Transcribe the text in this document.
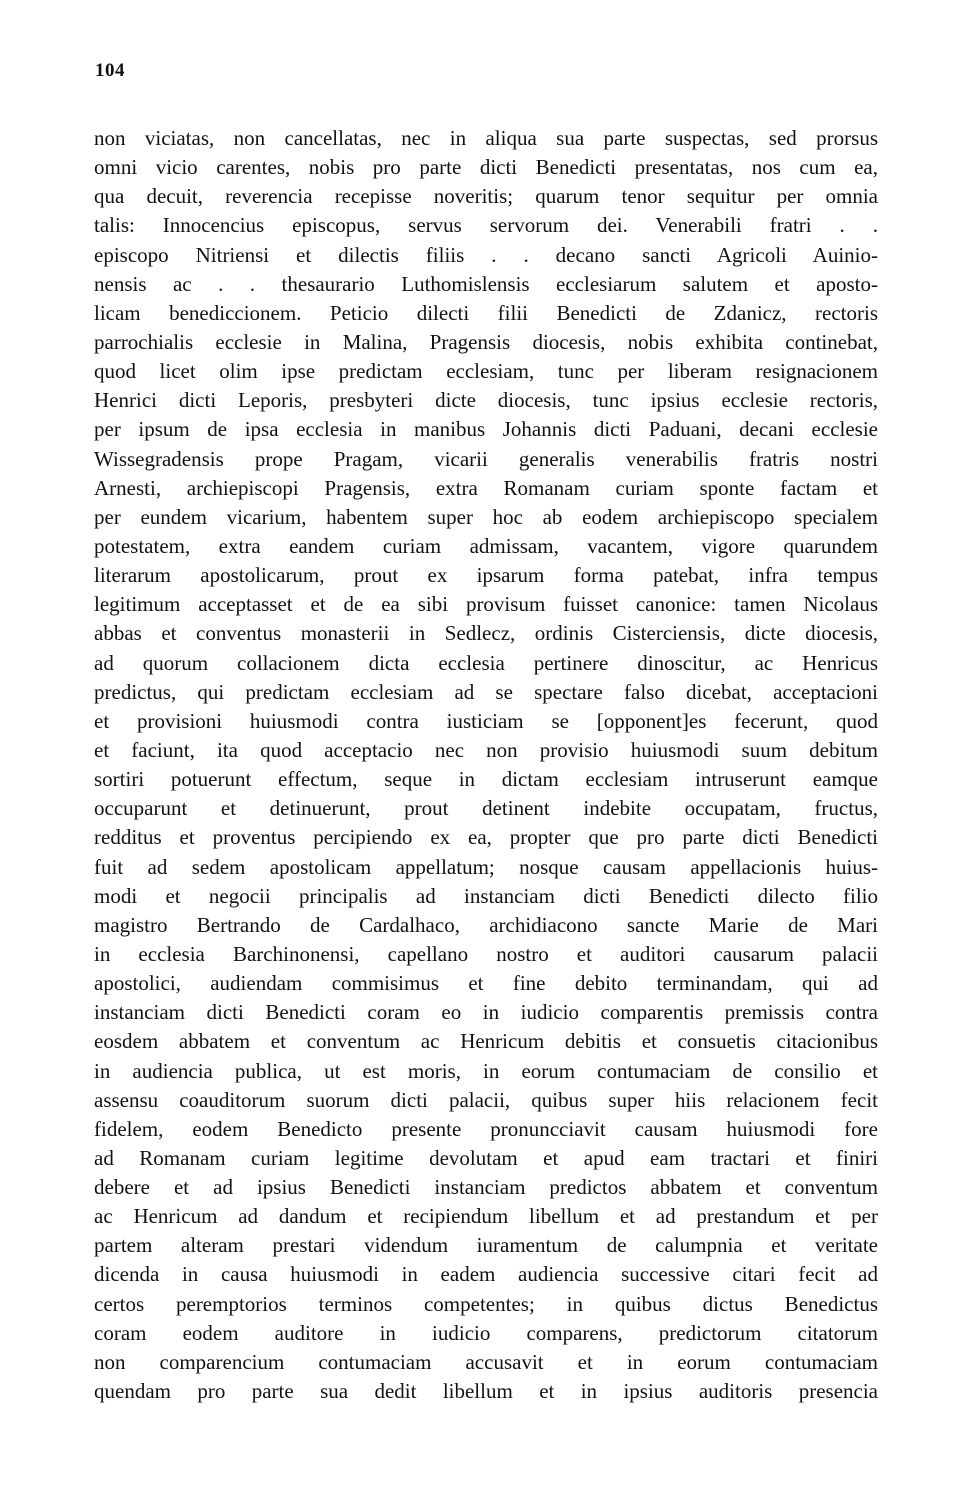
104
non viciatas, non cancellatas, nec in aliqua sua parte suspectas, sed prorsus
omni vicio carentes, nobis pro parte dicti Benedicti presentatas, nos cum ea,
qua decuit, reverencia recepisse noveritis; quarum tenor sequitur per omnia
talis: Innocencius episcopus, servus servorum dei. Venerabili fratri . .
episcopo Nitriensi et dilectis filiis . . decano sancti Agricoli Auinio-
nensis ac . . thesaurario Luthomislensis ecclesiarum salutem et aposto-
licam benediccionem. Peticio dilecti filii Benedicti de Zdanicz, rectoris
parrochialis ecclesie in Malina, Pragensis diocesis, nobis exhibita continebat,
quod licet olim ipse predictam ecclesiam, tunc per liberam resignacionem
Henrici dicti Leporis, presbyteri dicte diocesis, tunc ipsius ecclesie rectoris,
per ipsum de ipsa ecclesia in manibus Johannis dicti Paduani, decani ecclesie
Wissegradensis prope Pragam, vicarii generalis venerabilis fratris nostri
Arnesti, archiepiscopi Pragensis, extra Romanam curiam sponte factam et
per eundem vicarium, habentem super hoc ab eodem archiepiscopo specialem
potestatem, extra eandem curiam admissam, vacantem, vigore quarundem
literarum apostolicarum, prout ex ipsarum forma patebat, infra tempus
legitimum acceptasset et de ea sibi provisum fuisset canonice: tamen Nicolaus
abbas et conventus monasterii in Sedlecz, ordinis Cisterciensis, dicte diocesis,
ad quorum collacionem dicta ecclesia pertinere dinoscitur, ac Henricus
predictus, qui predictam ecclesiam ad se spectare falso dicebat, acceptacioni
et provisioni huiusmodi contra iusticiam se [opponent]es fecerunt, quod
et faciunt, ita quod acceptacio nec non provisio huiusmodi suum debitum
sortiri potuerunt effectum, seque in dictam ecclesiam intruserunt eamque
occuparunt et detinuerunt, prout detinent indebite occupatam, fructus,
redditus et proventus percipiendo ex ea, propter que pro parte dicti Benedicti
fuit ad sedem apostolicam appellatum; nosque causam appellacionis huius-
modi et negocii principalis ad instanciam dicti Benedicti dilecto filio
magistro Bertrando de Cardalhaco, archidiacono sancte Marie de Mari
in ecclesia Barchinonensi, capellano nostro et auditori causarum palacii
apostolici, audiendam commisimus et fine debito terminandam, qui ad
instanciam dicti Benedicti coram eo in iudicio comparentis premissis contra
eosdem abbatem et conventum ac Henricum debitis et consuetis citacionibus
in audiencia publica, ut est moris, in eorum contumaciam de consilio et
assensu coauditorum suorum dicti palacii, quibus super hiis relacionem fecit
fidelem, eodem Benedicto presente pronuncciavit causam huiusmodi fore
ad Romanam curiam legitime devolutam et apud eam tractari et finiri
debere et ad ipsius Benedicti instanciam predictos abbatem et conventum
ac Henricum ad dandum et recipiendum libellum et ad prestandum et per
partem alteram prestari videndum iuramentum de calumpnia et veritate
dicenda in causa huiusmodi in eadem audiencia successive citari fecit ad
certos peremptorios terminos competentes; in quibus dictus Benedictus
coram eodem auditore in iudicio comparens, predictorum citatorum
non comparencium contumaciam accusavit et in eorum contumaciam
quendam pro parte sua dedit libellum et in ipsius auditoris presencia
